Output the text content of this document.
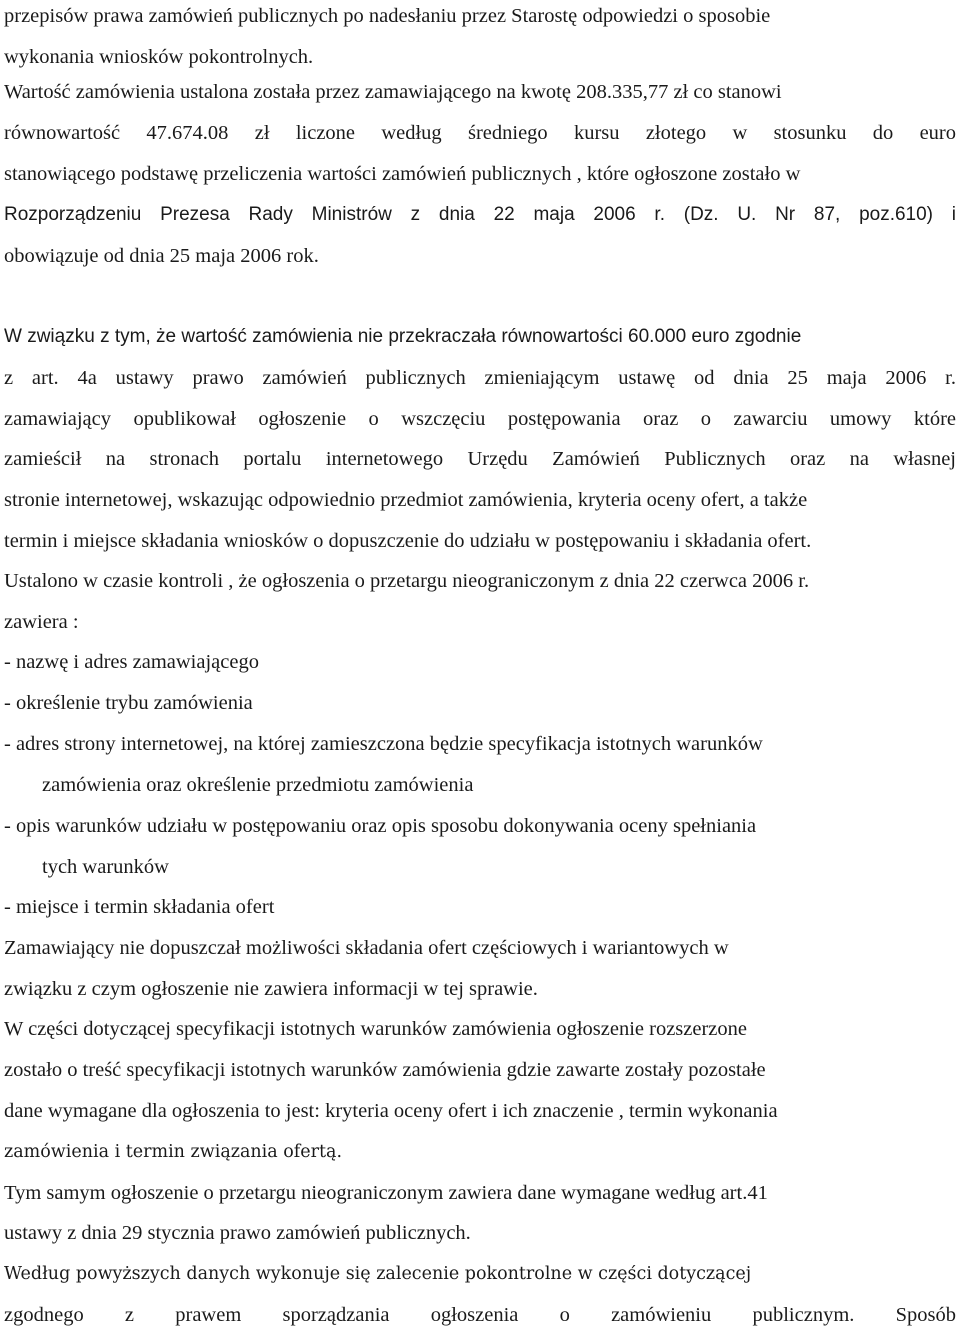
przepisów prawa zamówień publicznych po nadesłaniu przez Starostę odpowiedzi o sposobie
wykonania wniosków pokontrolnych.
Wartość zamówienia ustalona została przez zamawiającego na kwotę 208.335,77 zł co stanowi
równowartość 47.674.08 zł liczone według średniego kursu złotego w stosunku do euro
stanowiącego podstawę przeliczenia wartości zamówień publicznych , które ogłoszone zostało w
Rozporządzeniu Prezesa Rady Ministrów z dnia 22 maja 2006 r. (Dz. U. Nr 87, poz.610) i
obowiązuje od dnia 25 maja 2006 rok.
W związku z tym, że wartość zamówienia nie przekraczała równowartości 60.000 euro zgodnie
z art. 4a ustawy prawo zamówień publicznych zmieniającym ustawę od dnia 25 maja 2006 r.
zamawiający opublikował ogłoszenie o wszczęciu postępowania oraz o zawarciu umowy które
zamieścił na stronach portalu internetowego Urzędu Zamówień Publicznych oraz na własnej
stronie internetowej, wskazując odpowiednio przedmiot zamówienia, kryteria oceny ofert, a także
termin i miejsce składania wniosków o dopuszczenie do udziału w postępowaniu i składania ofert.
Ustalono w czasie kontroli , że ogłoszenia o przetargu nieograniczonym z dnia 22 czerwca 2006 r.
zawiera :
- nazwę i adres zamawiającego
- określenie trybu zamówienia
- adres strony internetowej, na której zamieszczona będzie specyfikacja istotnych warunków
zamówienia oraz określenie przedmiotu zamówienia
- opis warunków udziału w postępowaniu oraz opis sposobu dokonywania oceny spełniania
tych warunków
- miejsce i termin składania ofert
Zamawiający nie dopuszczał możliwości składania ofert częściowych i wariantowych w
związku z czym ogłoszenie nie zawiera informacji w tej sprawie.
W części dotyczącej specyfikacji istotnych warunków zamówienia ogłoszenie rozszerzone
zostało o treść specyfikacji istotnych warunków zamówienia gdzie zawarte zostały pozostałe
dane wymagane dla ogłoszenia to jest: kryteria oceny ofert i ich znaczenie , termin wykonania
zamówienia i termin związania ofertą.
Tym samym ogłoszenie o przetargu nieograniczonym zawiera dane wymagane według art.41
ustawy z dnia 29 stycznia prawo zamówień publicznych.
Według powyższych danych wykonuje się zalecenie pokontrolne w części dotyczącej
zgodnego z prawem sporządzania ogłoszenia o zamówieniu publicznym. Sposób
